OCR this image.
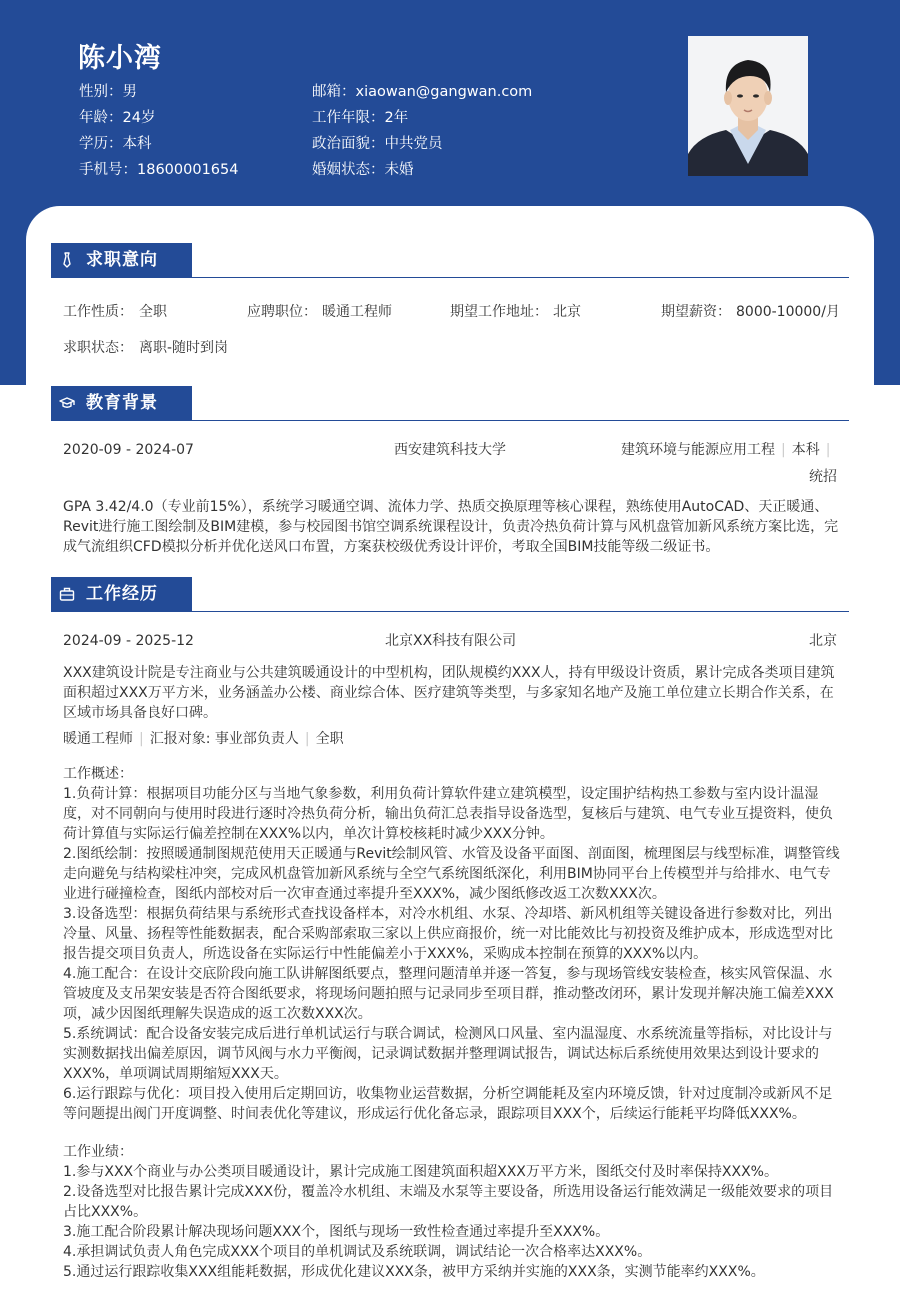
陈小湾
性别：男
年龄：24岁
学历：本科
手机号：18600001654
邮箱：xiaowan@gangwan.com
工作年限：2年
政治面貌：中共党员
婚姻状态：未婚
求职意向
工作性质： 全职	应聘职位： 暖通工程师	期望工作地址： 北京	期望薪资： 8000-10000/月
求职状态： 离职-随时到岗
教育背景
2020-09 - 2024-07	西安建筑科技大学	建筑环境与能源应用工程 | 本科 |
统招
GPA 3.42/4.0（专业前15%），系统学习暖通空调、流体力学、热质交换原理等核心课程，熟练使用AutoCAD、天正暖通、
Revit进行施工图绘制及BIM建模，参与校园图书馆空调系统课程设计，负责冷热负荷计算与风机盘管加新风系统方案比选，完
成气流组织CFD模拟分析并优化送风口布置，方案获校级优秀设计评价，考取全国BIM技能等级二级证书。
工作经历
2024-09 - 2025-12	北京XX科技有限公司	北京
XXX建筑设计院是专注商业与公共建筑暖通设计的中型机构，团队规模约XXX人，持有甲级设计资质，累计完成各类项目建筑
面积超过XXX万平方米，业务涵盖办公楼、商业综合体、医疗建筑等类型，与多家知名地产及施工单位建立长期合作关系，在
区域市场具备良好口碑。
暖通工程师 | 汇报对象: 事业部负责人 | 全职
工作概述：
1.负荷计算：根据项目功能分区与当地气象参数，利用负荷计算软件建立建筑模型，设定围护结构热工参数与室内设计温湿
度，对不同朝向与使用时段进行逐时冷热负荷分析，输出负荷汇总表指导设备选型，复核后与建筑、电气专业互提资料，使负
荷计算值与实际运行偏差控制在XXX%以内，单次计算校核耗时减少XXX分钟。
2.图纸绘制：按照暖通制图规范使用天正暖通与Revit绘制风管、水管及设备平面图、剖面图，梳理图层与线型标准，调整管线
走向避免与结构梁柱冲突，完成风机盘管加新风系统与全空气系统图纸深化，利用BIM协同平台上传模型并与给排水、电气专
业进行碰撞检查，图纸内部校对后一次审查通过率提升至XXX%，减少图纸修改返工次数XXX次。
3.设备选型：根据负荷结果与系统形式查找设备样本，对冷水机组、水泵、冷却塔、新风机组等关键设备进行参数对比，列出
冷量、风量、扬程等性能数据表，配合采购部索取三家以上供应商报价，统一对比能效比与初投资及维护成本，形成选型对比
报告提交项目负责人，所选设备在实际运行中性能偏差小于XXX%，采购成本控制在预算的XXX%以内。
4.施工配合：在设计交底阶段向施工队讲解图纸要点，整理问题清单并逐一答复，参与现场管线安装检查，核实风管保温、水
管坡度及支吊架安装是否符合图纸要求，将现场问题拍照与记录同步至项目群，推动整改闭环，累计发现并解决施工偏差XXX
项，减少因图纸理解失误造成的返工次数XXX次。
5.系统调试：配合设备安装完成后进行单机试运行与联合调试，检测风口风量、室内温湿度、水系统流量等指标，对比设计与
实测数据找出偏差原因，调节风阀与水力平衡阀，记录调试数据并整理调试报告，调试达标后系统使用效果达到设计要求的
XXX%，单项调试周期缩短XXX天。
6.运行跟踪与优化：项目投入使用后定期回访，收集物业运营数据，分析空调能耗及室内环境反馈，针对过度制冷或新风不足
等问题提出阀门开度调整、时间表优化等建议，形成运行优化备忘录，跟踪项目XXX个，后续运行能耗平均降低XXX%。
工作业绩：
1.参与XXX个商业与办公类项目暖通设计，累计完成施工图建筑面积超XXX万平方米，图纸交付及时率保持XXX%。
2.设备选型对比报告累计完成XXX份，覆盖冷水机组、末端及水泵等主要设备，所选用设备运行能效满足一级能效要求的项目
占比XXX%。
3.施工配合阶段累计解决现场问题XXX个，图纸与现场一致性检查通过率提升至XXX%。
4.承担调试负责人角色完成XXX个项目的单机调试及系统联调，调试结论一次合格率达XXX%。
5.通过运行跟踪收集XXX组能耗数据，形成优化建议XXX条，被甲方采纳并实施的XXX条，实测节能率约XXX%。
